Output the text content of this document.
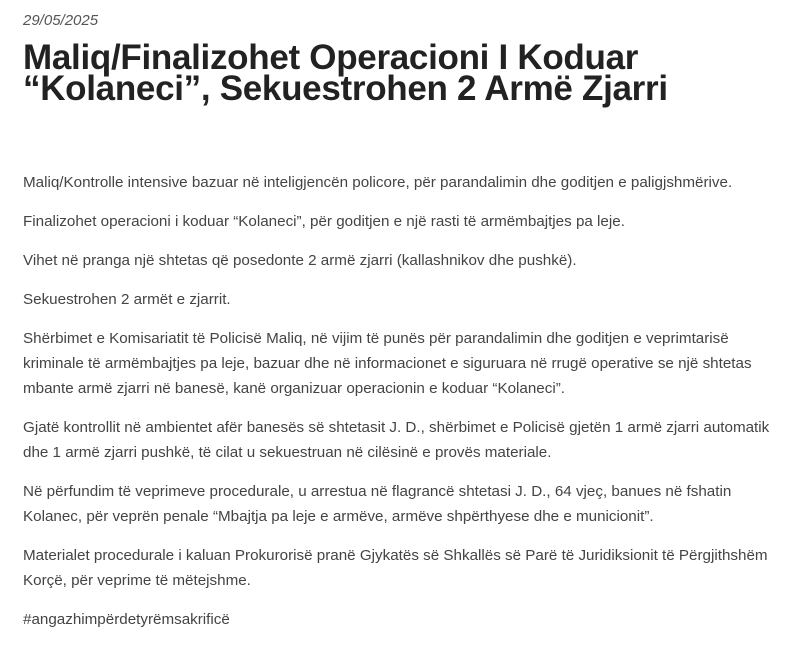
29/05/2025
Maliq/Finalizohet Operacioni I Koduar “Kolaneci”, Sekuestrohen 2 Armë Zjarri

Maliq/Kontrolle intensive bazuar në inteligjencën policore, për parandalimin dhe goditjen e paligjshmërive.

Finalizohet operacioni i koduar “Kolaneci”, për goditjen e një rasti të armëmbajtjes pa leje.

Vihet në pranga një shtetas që posedonte 2 armë zjarri (kallashnikov dhe pushkë).

Sekuestrohen 2 armët e zjarrit.

Shërbimet e Komisariatit të Policisë Maliq, në vijim të punës për parandalimin dhe goditjen e veprimtarisë kriminale të armëmbajtjes pa leje, bazuar dhe në informacionet e siguruara në rrugë operative se një shtetas mbante armë zjarri në banesë, kanë organizuar operacionin e koduar “Kolaneci”.

Gjatë kontrollit në ambientet afër banesës së shtetasit J. D., shërbimet e Policisë gjetën 1 armë zjarri automatik dhe 1 armë zjarri pushkë, të cilat u sekuestruan në cilësinë e provës materiale.

Në përfundim të veprimeve procedurale, u arrestua në flagrancë shtetasi J. D., 64 vjeç, banues në fshatin Kolanec, për veprën penale “Mbajtja pa leje e armëve, armëve shpërthyese dhe e municionit”.

Materialet procedurale i kaluan Prokurorisë pranë Gjykatës së Shkallës së Parë të Juridiksionit të Përgjithshëm Korçë, për veprime të mëtejshme.

#angazhimpërdetyrëmsakrificë
